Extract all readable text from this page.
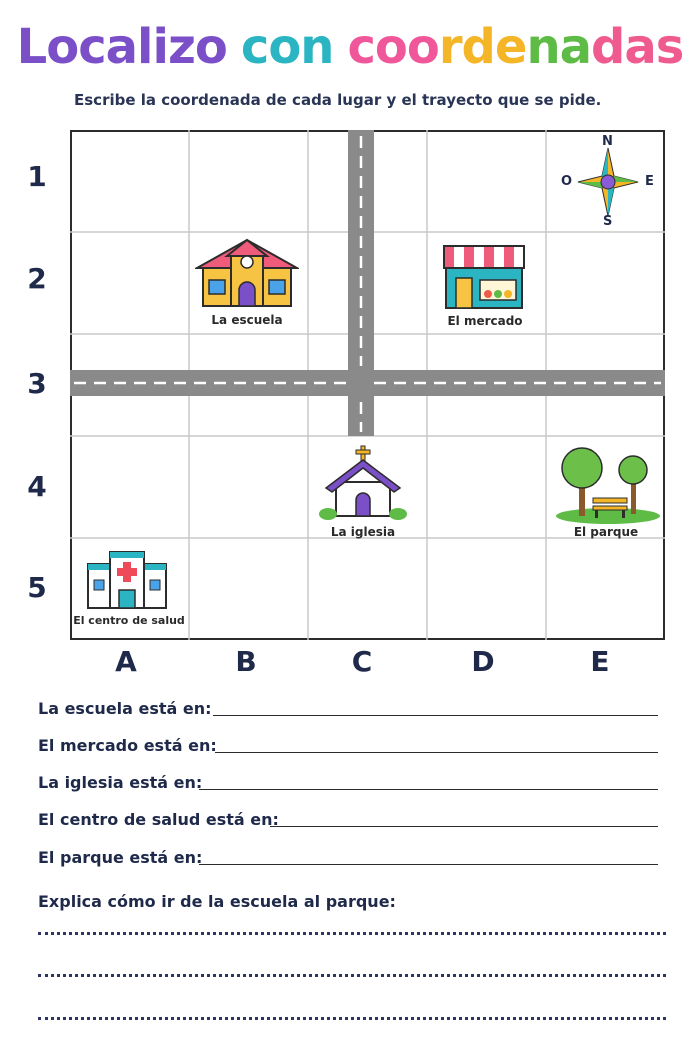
Localizo con coordenadas
Escribe la coordenada de cada lugar y el trayecto que se pide.
1
2
3
4
5
N
S
O	E
La escuela	El mercado
La iglesia	El parque
El centro de salud
A	B	C	D	E
La escuela está en:
El mercado está en:
La iglesia está en:
El centro de salud está en:
El parque está en:
Explica cómo ir de la escuela al parque:
